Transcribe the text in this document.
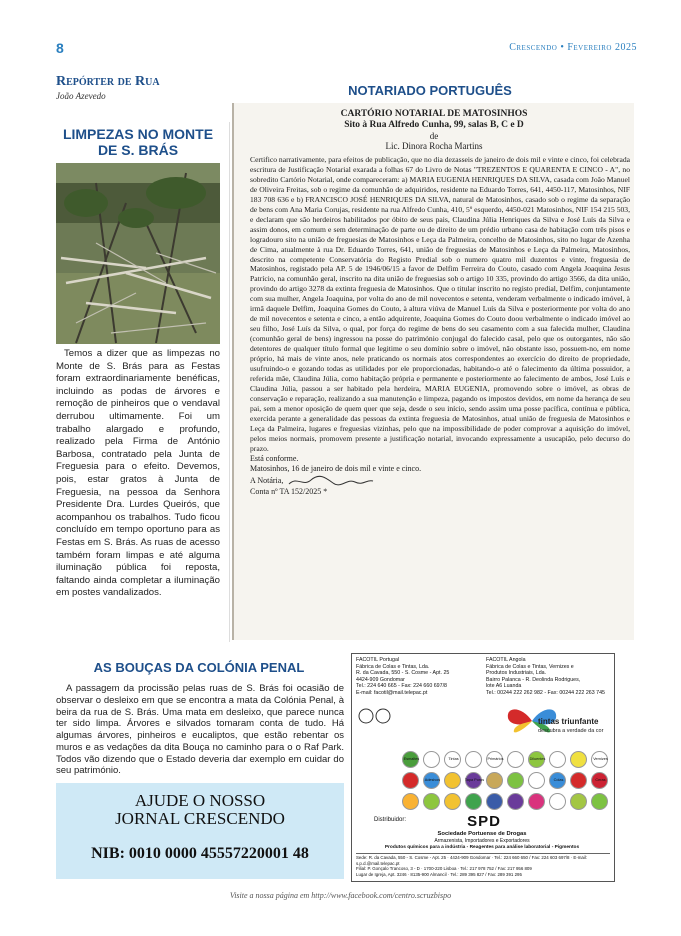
8	Crescendo • Fevereiro 2025
Repórter de Rua
João Azevedo
LIMPEZAS NO MONTE DE S. BRÁS

Temos a dizer que as limpezas no Monte de S. Brás para as Festas foram extraordinariamente benéficas, incluindo as podas de árvores e remoção de pinheiros que o vendaval derrubou ultimamente. Foi um trabalho alargado e profundo, realizado pela Firma de António Barbosa, contratado pela Junta de Freguesia para o efeito. Devemos, pois, estar gratos à Junta de Freguesia, na pessoa da Senhora Presidente Dra. Lurdes Queirós, que acompanhou os trabalhos. Tudo ficou concluído em tempo oportuno para as Festas em S. Brás. As ruas de acesso também foram limpas e até alguma iluminação pública foi reposta, faltando ainda completar a iluminação em postes vandalizados.

NOTARIADO PORTUGUÊS
CARTÓRIO NOTARIAL DE MATOSINHOS
Sito à Rua Alfredo Cunha, 99, salas B, C e D
de
Lic. Dinora Rocha Martins
Certifico narrativamente, para efeitos de publicação, que no dia dezasseis de janeiro de dois mil e vinte e cinco, foi celebrada escritura de Justificação Notarial exarada a folhas 67 do Livro de Notas "TREZENTOS E QUARENTA E CINCO - A", no sobredito Cartório Notarial, onde compareceram: a) MARIA EUGENIA HENRIQUES DA SILVA, casada com João Manuel de Oliveira Freitas, sob o regime da comunhão de adquiridos, residente na Eduardo Torres, 641, 4450-117, Matosinhos, NIF 183 708 636 e b) FRANCISCO JOSÉ HENRIQUES DA SILVA, natural de Matosinhos, casado sob o regime da separação de bens com Ana Maria Corujas, residente na rua Alfredo Cunha, 410, 5º esquerdo, 4450-021 Matosinhos, NIF 154 215 503, e declaram que são herdeiros habilitados por óbito de seus pais, Claudina Júlia Henriques da Silva e José Luís da Silva e assim donos, em comum e sem determinação de parte ou de direito de um prédio urbano casa de habitação com três pisos e logradouro sito na união de freguesias de Matosinhos e Leça da Palmeira, concelho de Matosinhos, sito no lugar de Azenha de Cima, atualmente à rua Dr. Eduardo Torres, 641, união de freguesias de Matosinhos e Leça da Palmeira, Matosinhos, descrito na competente Conservatória do Registo Predial sob o numero quatro mil duzentos e vinte, freguesia de Matosinhos, registado pela AP. 5 de 1946/06/15 a favor de Delfim Ferreira do Couto, casado com Angela Joaquina Jesus Patrício, na comunhão geral, inscrito na dita união de freguesias sob o artigo 10 335, provindo do artigo 3566, da dita união, provindo do artigo 3278 da extinta freguesia de Matosinhos. Que o titular inscrito no registo predial, Delfim, conjuntamente com sua mulher, Angela Joaquina, por volta do ano de mil novecentos e setenta, venderam verbalmente o indicado imóvel, à irmã daquele Delfim, Joaquina Gomes do Couto, à altura viúva de Manuel Luís da Silva e posteriormente por volta do ano de mil novecentos e setenta e cinco, a então adquirente, Joaquina Gomes do Couto doou verbalmente o indicado imóvel ao seu filho, José Luís da Silva, o qual, por força do regime de bens do seu casamento com a sua falecida mulher, Claudina (comunhão geral de bens) ingressou na posse do património conjugal do falecido casal, pelo que os outorgantes, não são detentores de qualquer título formal que legitime o seu domínio sobre o imóvel, não obstante isso, possuem-no, em nome próprio, há mais de vinte anos, nele praticando os normais atos correspondentes ao exercício do direito de propriedade, usufruindo-o e gozando todas as utilidades por ele proporcionadas, habitando-o até o falecimento da última possuidor, a referida mãe, Claudina Júlia, como habitação própria e permanente e posteriormente ao falecimento de ambos, José Luís e Claudina Júlia, passou a ser habitado pela herdeira, MARIA EUGENIA, promovendo sobre o imóvel, as obras de conservação e reparação, realizando a sua manutenção e limpeza, pagando os impostos devidos, em nome da herança de seu pai, sem a menor oposição de quem quer que seja, desde o seu início, sendo assim uma posse pacífica, contínua e pública, exercida perante a generalidade das pessoas da extinta freguesia de Matosinhos, atual união de freguesia de Matosinhos e Leça da Palmeira, lugares e freguesias vizinhas, pelo que na impossibilidade de poder comprovar a aquisição do imóvel, pelos meios normais, promovem presente a justificação notarial, invocando expressamente a usucapião, pelo decurso do prazo.
Está conforme.
Matosinhos, 16 de janeiro de dois mil e vinte e cinco.
A Notária,
Conta nº TA 152/2025 *
AS BOUÇAS DA COLÓNIA PENAL

A passagem da procissão pelas ruas de S. Brás foi ocasião de observar o desleixo em que se encontra a mata da Colónia Penal, à beira da rua de S. Brás. Uma mata em desleixo, que parece nunca ter sido limpa. Árvores e silvados tomaram conta de tudo. Há algumas árvores, pinheiros e eucaliptos, que estão rebentar os muros e as vedações da dita Bouça no caminho para o o Raf Park. Todos vão dizendo que o Estado deveria dar exemplo em cuidar do seu património.

AJUDE O NOSSO
JORNAL CRESCENDO
NIB: 0010 0000 45557220001 48
FACOTIL Portugal
Fábrica de Colas e Tintas, Lda.
R. da Cavada, 550 - S. Cosme - Apt. 25
4424-909 Gondomar
Tel.: 224 640 665 - Fax: 224 660 697/8
E-mail: facotil@mail.telepac.pt
FACOTIL Angola
Fábrica de Colas e Tintas, Vernizes e
Produtos Industriais, Lda.
Bairro Palanca - R. Deolinda Rodrigues,
lote A6 Luanda
Tel.: 00244 222 262 982 - Fax: 00244 222 263 745
tintas triunfante
descubra a verdade da cor
Esmaltes	Tintas	Primários	Diluentes	Vernizes
Adesivos	Tapa Poros	Colas	Ceras
Distribuidor:	SPD
Sociedade Portuense de Drogas
Armazenista, Importadores e Exportadores
Produtos químicos para a indústria - Reagentes para análise laboratorial - Pigmentos
Sede: R. da Cavada, 550 - S. Cosme - Apt. 25 · 4424-909 Gondomar · Tel.: 224 660 650 / Fax: 224 603 697/8 · E-mail: s.p.d.@mail.telepac.pt
Filial: P. Gonçalo Trancoso, 3 - D · 1700-220 Lisboa · Tel.: 217 978 752 / Fax: 217 956 809
Lugar de Igreja, Apt. 3246 · 8135-900 Almancil · Tel.: 289 395 827 / Fax: 289 391 295
Visite a nossa página em http://www.facebook.com/centro.scruzbispo
